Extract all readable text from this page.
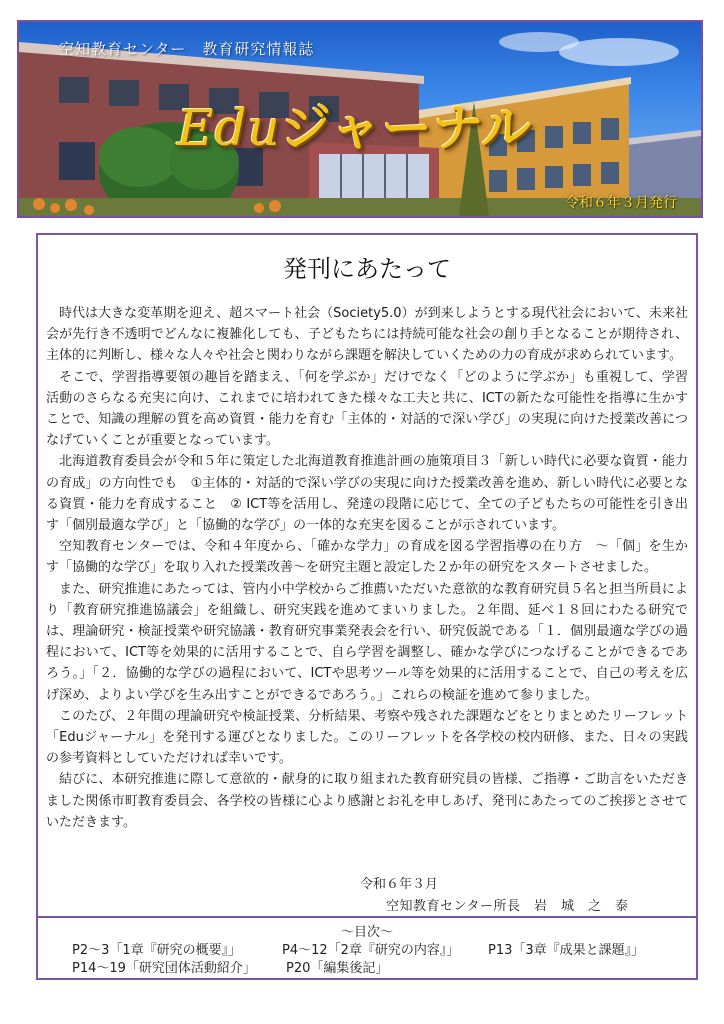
空知教育センター　教育研究情報誌
Eduジャーナル
令和６年３月発行
発刊にあたって

時代は大きな変革期を迎え、超スマート社会（Society5.0）が到来しようとする現代社会において、未来社会が先行き不透明でどんなに複雑化しても、子どもたちには持続可能な社会の創り手となることが期待され、主体的に判断し、様々な人々や社会と関わりながら課題を解決していくための力の育成が求められています。

そこで、学習指導要領の趣旨を踏まえ、「何を学ぶか」だけでなく「どのように学ぶか」も重視して、学習活動のさらなる充実に向け、これまでに培われてきた様々な工夫と共に、ICTの新たな可能性を指導に生かすことで、知識の理解の質を高め資質・能力を育む「主体的・対話的で深い学び」の実現に向けた授業改善につなげていくことが重要となっています。

北海道教育委員会が令和５年に策定した北海道教育推進計画の施策項目３「新しい時代に必要な資質・能力の育成」の方向性でも　①主体的・対話的で深い学びの実現に向けた授業改善を進め、新しい時代に必要となる資質・能力を育成すること　② ICT等を活用し、発達の段階に応じて、全ての子どもたちの可能性を引き出す「個別最適な学び」と「協働的な学び」の一体的な充実を図ることが示されています。

空知教育センターでは、令和４年度から、「確かな学力」の育成を図る学習指導の在り方　～「個」を生かす「協働的な学び」を取り入れた授業改善～を研究主題と設定した２か年の研究をスタートさせました。

また、研究推進にあたっては、管内小中学校からご推薦いただいた意欲的な教育研究員５名と担当所員により「教育研究推進協議会」を組織し、研究実践を進めてまいりました。２年間、延べ１８回にわたる研究では、理論研究・検証授業や研究協議・教育研究事業発表会を行い、研究仮説である「１．個別最適な学びの過程において、ICT等を効果的に活用することで、自ら学習を調整し、確かな学びにつなげることができるであろう。」「２．協働的な学びの過程において、ICTや思考ツール等を効果的に活用することで、自己の考えを広げ深め、よりよい学びを生み出すことができるであろう。」これらの検証を進めて参りました。

このたび、２年間の理論研究や検証授業、分析結果、考察や残された課題などをとりまとめたリーフレット「Eduジャーナル」を発刊する運びとなりました。このリーフレットを各学校の校内研修、また、日々の実践の参考資料としていただければ幸いです。

結びに、本研究推進に際して意欲的・献身的に取り組まれた教育研究員の皆様、ご指導・ご助言をいただきました関係市町教育委員会、各学校の皆様に心より感謝とお礼を申しあげ、発刊にあたってのご挨拶とさせていただきます。

令和６年３月
空知教育センター所長　岩　城　之　泰
～目次～
P2～3「1章『研究の概要』」	P4～12「2章『研究の内容』」 P13「3章『成果と課題』」
P14～19「研究団体活動紹介」 P20「編集後記」
